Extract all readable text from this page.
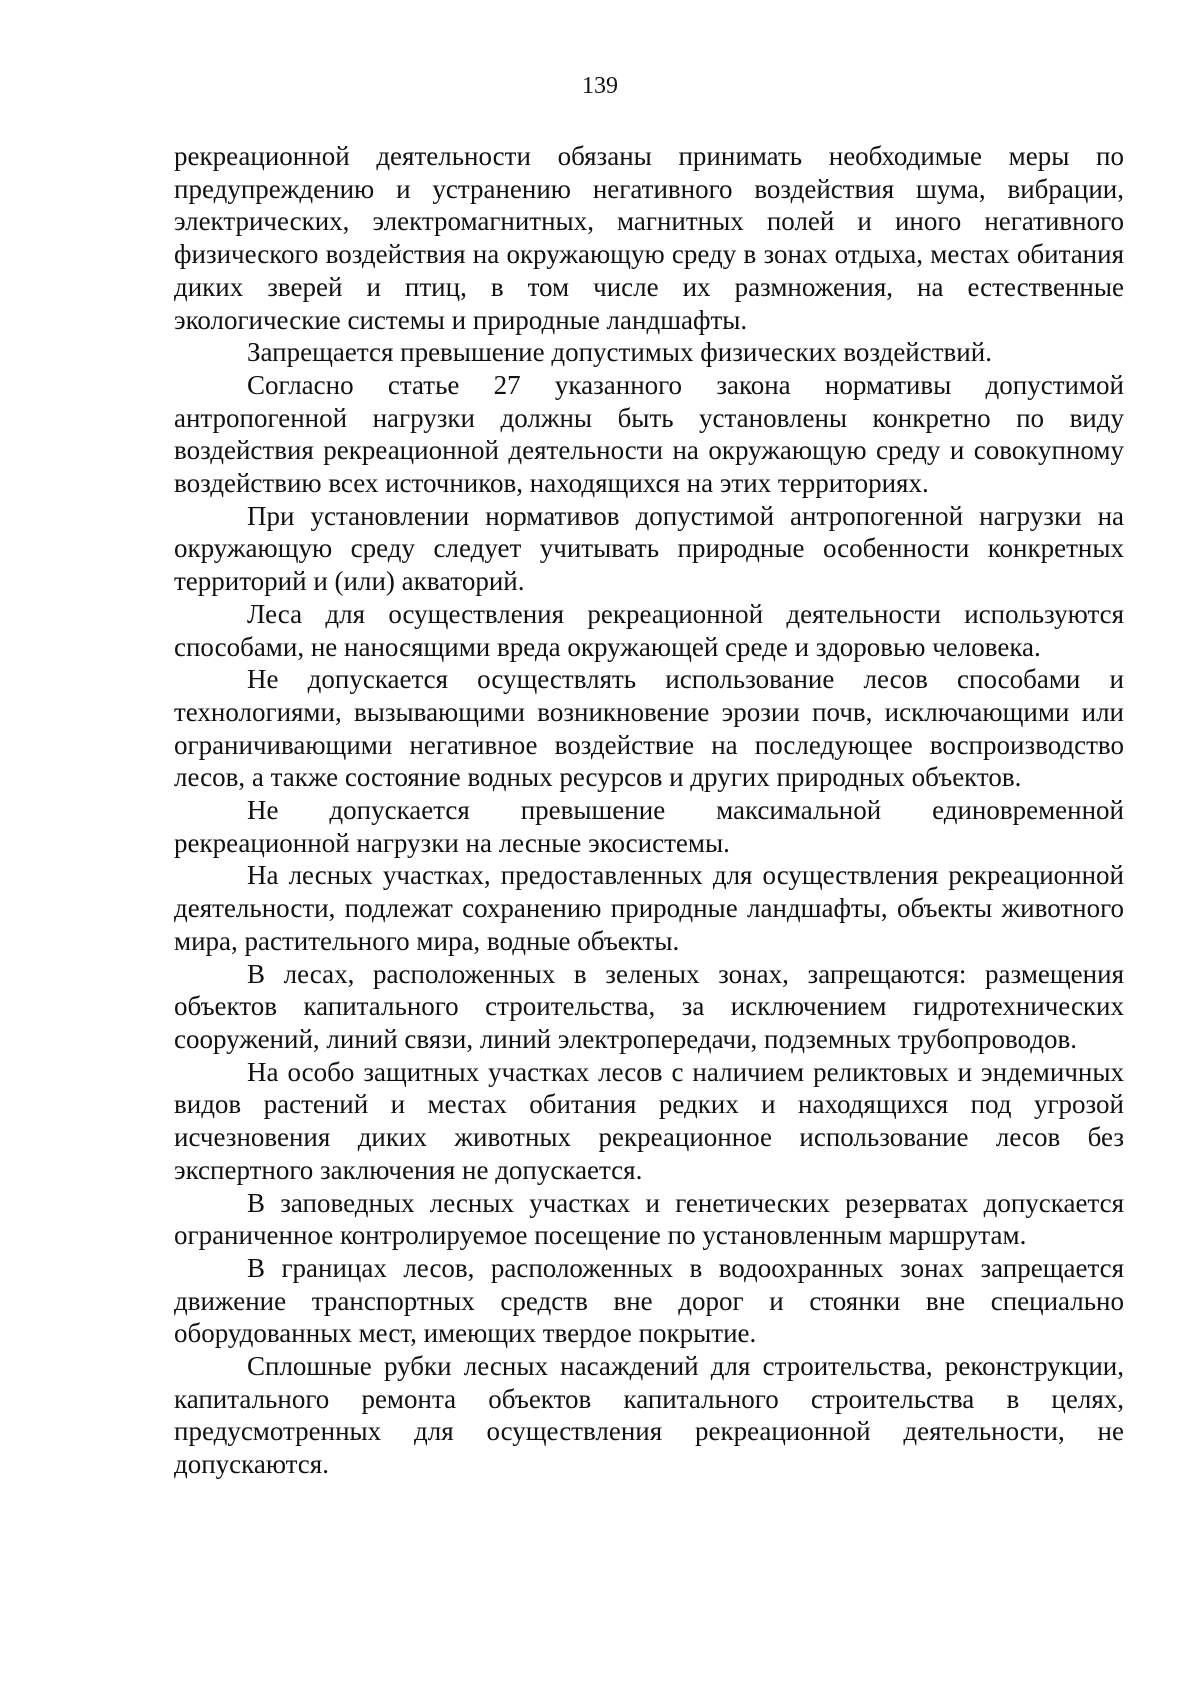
139

рекреационной деятельности обязаны принимать необходимые меры по предупреждению и устранению негативного воздействия шума, вибрации, электрических, электромагнитных, магнитных полей и иного негативного физического воздействия на окружающую среду в зонах отдыха, местах обитания диких зверей и птиц, в том числе их размножения, на естественные экологические системы и природные ландшафты.

Запрещается превышение допустимых физических воздействий.

Согласно статье 27 указанного закона нормативы допустимой антропогенной нагрузки должны быть установлены конкретно по виду воздействия рекреационной деятельности на окружающую среду и совокупному воздействию всех источников, находящихся на этих территориях.

При установлении нормативов допустимой антропогенной нагрузки на окружающую среду следует учитывать природные особенности конкретных территорий и (или) акваторий.

Леса для осуществления рекреационной деятельности используются способами, не наносящими вреда окружающей среде и здоровью человека.

Не допускается осуществлять использование лесов способами и технологиями, вызывающими возникновение эрозии почв, исключающими или ограничивающими негативное воздействие на последующее воспроизводство лесов, а также состояние водных ресурсов и других природных объектов.

Не допускается превышение максимальной единовременной рекреационной нагрузки на лесные экосистемы.

На лесных участках, предоставленных для осуществления рекреационной деятельности, подлежат сохранению природные ландшафты, объекты животного мира, растительного мира, водные объекты.

В лесах, расположенных в зеленых зонах, запрещаются: размещения объектов капитального строительства, за исключением гидротехнических сооружений, линий связи, линий электропередачи, подземных трубопроводов.

На особо защитных участках лесов с наличием реликтовых и эндемичных видов растений и местах обитания редких и находящихся под угрозой исчезновения диких животных рекреационное использование лесов без экспертного заключения не допускается.

В заповедных лесных участках и генетических резерватах допускается ограниченное контролируемое посещение по установленным маршрутам.

В границах лесов, расположенных в водоохранных зонах запрещается движение транспортных средств вне дорог и стоянки вне специально оборудованных мест, имеющих твердое покрытие.

Сплошные рубки лесных насаждений для строительства, реконструкции, капитального ремонта объектов капитального строительства в целях, предусмотренных для осуществления рекреационной деятельности, не допускаются.
